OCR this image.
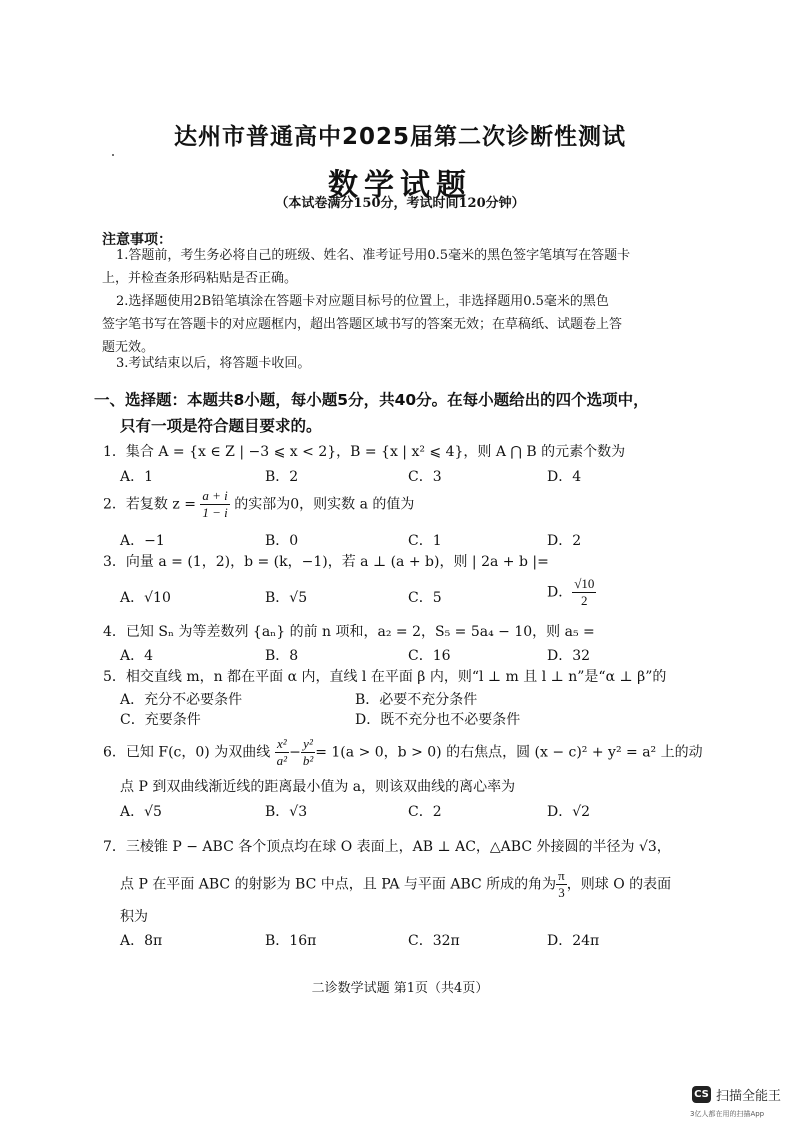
达州市普通高中2025届第二次诊断性测试
数学试题
（本试卷满分150分，考试时间120分钟）
注意事项：
1.答题前，考生务必将自己的班级、姓名、准考证号用0.5毫米的黑色签字笔填写在答题卡
上，并检查条形码粘贴是否正确。
2.选择题使用2B铅笔填涂在答题卡对应题目标号的位置上，非选择题用0.5毫米的黑色
签字笔书写在答题卡的对应题框内，超出答题区域书写的答案无效；在草稿纸、试题卷上答
题无效。
3.考试结束以后，将答题卡收回。
一、选择题：本题共8小题，每小题5分，共40分。在每小题给出的四个选项中，
只有一项是符合题目要求的。
1．集合 A = {x ∈ Z | −3 ⩽ x < 2}，B = {x | x² ⩽ 4}，则 A ⋂ B 的元素个数为
A．1	B．2	C．3	D．4
2．若复数 $z = \frac{a + i}{1 - i}$ 的实部为0，则实数 a 的值为
A．−1	B．0	C．1	D．2
3．向量 a = (1，2)，b = (k，−1)，若 a ⊥ (a + b)，则 | 2a + b |=
A．√10	B．√5	C．5	D． $\frac{√10}{2}$
4．已知 Sₙ 为等差数列 {aₙ} 的前 n 项和，a₂ = 2，S₅ = 5a₄ − 10，则 a₅ =
A．4	B．8	C．16	D．32
5．相交直线 m，n 都在平面 α 内，直线 l 在平面 β 内，则“l ⊥ m 且 l ⊥ n”是“α ⊥ β”的
A．充分不必要条件	B．必要不充分条件
C．充要条件	D．既不充分也不必要条件
6．已知 F(c，0) 为双曲线 $\frac{\text{x²}}{\text{a²}} - \frac{\text{y²}}{\text{b²}} = 1(a > 0$，b > 0) 的右焦点，圆 (x − c)² + y² = a² 上的动
点 P 到双曲线渐近线的距离最小值为 a，则该双曲线的离心率为
A．√5	B．√3	C．2	D．√2
7．三棱锥 P − ABC 各个顶点均在球 O 表面上，AB ⊥ AC，△ABC 外接圆的半径为 √3，
点 P 在平面 ABC 的射影为 BC 中点，且 PA 与平面 ABC 所成的角为 $\frac{\pi}{3}$ ，则球 O 的表面
积为
A．8π	B．16π	C．32π	D．24π
二诊数学试题 第1页（共4页）
CS 扫描全能王
3亿人都在用的扫描App
